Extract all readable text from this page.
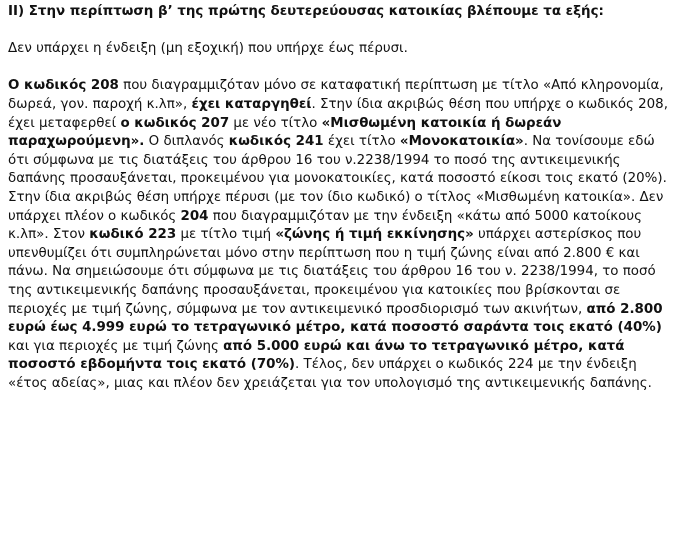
II) Στην περίπτωση β’ της πρώτης δευτερεύουσας κατοικίας βλέπουμε τα εξής:
Δεν υπάρχει η ένδειξη (μη εξοχική) που υπήρχε έως πέρυσι.
Ο κωδικός 208 που διαγραμμιζόταν μόνο σε καταφατική περίπτωση με τίτλο «Από κληρονομία, δωρεά, γον. παροχή κ.λπ», έχει καταργηθεί. Στην ίδια ακριβώς θέση που υπήρχε ο κωδικός 208, έχει μεταφερθεί ο κωδικός 207 με νέο τίτλο «Μισθωμένη κατοικία ή δωρεάν παραχωρούμενη». Ο διπλανός κωδικός 241 έχει τίτλο «Μονοκατοικία». Να τονίσουμε εδώ ότι σύμφωνα με τις διατάξεις του άρθρου 16 του ν.2238/1994 το ποσό της αντικειμενικής δαπάνης προσαυξάνεται, προκειμένου για μονοκατοικίες, κατά ποσοστό είκοσι τοις εκατό (20%). Στην ίδια ακριβώς θέση υπήρχε πέρυσι (με τον ίδιο κωδικό) ο τίτλος «Μισθωμένη κατοικία». Δεν υπάρχει πλέον ο κωδικός 204 που διαγραμμιζόταν με την ένδειξη «κάτω από 5000 κατοίκους κ.λπ». Στον κωδικό 223 με τίτλο τιμή «ζώνης ή τιμή εκκίνησης» υπάρχει αστερίσκος που υπενθυμίζει ότι συμπληρώνεται μόνο στην περίπτωση που η τιμή ζώνης είναι από 2.800 € και πάνω. Να σημειώσουμε ότι σύμφωνα με τις διατάξεις του άρθρου 16 του ν. 2238/1994, το ποσό της αντικειμενικής δαπάνης προσαυξάνεται, προκειμένου για κατοικίες που βρίσκονται σε περιοχές με τιμή ζώνης, σύμφωνα με τον αντικειμενικό προσδιορισμό των ακινήτων, από 2.800 ευρώ έως 4.999 ευρώ το τετραγωνικό μέτρο, κατά ποσοστό σαράντα τοις εκατό (40%) και για περιοχές με τιμή ζώνης από 5.000 ευρώ και άνω το τετραγωνικό μέτρο, κατά ποσοστό εβδομήντα τοις εκατό (70%). Τέλος, δεν υπάρχει ο κωδικός 224 με την ένδειξη «έτος αδείας», μιας και πλέον δεν χρειάζεται για τον υπολογισμό της αντικειμενικής δαπάνης.
